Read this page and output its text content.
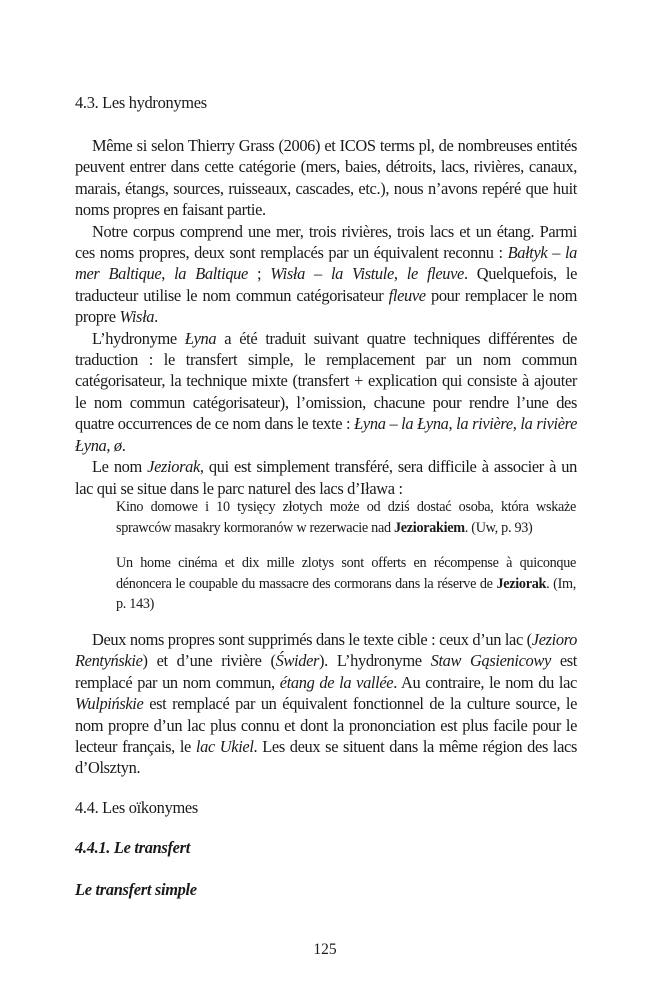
4.3. Les hydronymes

Même si selon Thierry Grass (2006) et ICOS terms pl, de nombreuses entités peuvent entrer dans cette catégorie (mers, baies, détroits, lacs, rivières, canaux, marais, étangs, sources, ruisseaux, cascades, etc.), nous n’avons repéré que huit noms propres en faisant partie.

Notre corpus comprend une mer, trois rivières, trois lacs et un étang. Parmi ces noms propres, deux sont remplacés par un équivalent reconnu : Bałtyk – la mer Baltique, la Baltique ; Wisła – la Vistule, le fleuve. Quelquefois, le traducteur utilise le nom commun catégorisateur fleuve pour remplacer le nom propre Wisła.

L’hydronyme Łyna a été traduit suivant quatre techniques différentes de traduction : le transfert simple, le remplacement par un nom commun catégorisateur, la technique mixte (transfert + explication qui consiste à ajouter le nom commun catégorisateur), l’omission, chacune pour rendre l’une des quatre occurrences de ce nom dans le texte : Łyna – la Łyna, la rivière, la rivière Łyna, ø.

Le nom Jeziorak, qui est simplement transféré, sera difficile à associer à un lac qui se situe dans le parc naturel des lacs d’Iława :

Kino domowe i 10 tysięcy złotych może od dziś dostać osoba, która wskaże sprawców masakry kormoranów w rezerwacie nad Jeziorakiem. (Uw, p. 93)

Un home cinéma et dix mille zlotys sont offerts en récompense à quiconque dénoncera le coupable du massacre des cormorans dans la réserve de Jeziorak. (Im, p. 143)

Deux noms propres sont supprimés dans le texte cible : ceux d’un lac (Jezioro Rentyńskie) et d’une rivière (Świder). L’hydronyme Staw Gąsienicowy est remplacé par un nom commun, étang de la vallée. Au contraire, le nom du lac Wulpińskie est remplacé par un équivalent fonctionnel de la culture source, le nom propre d’un lac plus connu et dont la prononciation est plus facile pour le lecteur français, le lac Ukiel. Les deux se situent dans la même région des lacs d’Olsztyn.

4.4. Les oïkonymes
4.4.1. Le transfert
Le transfert simple
125
